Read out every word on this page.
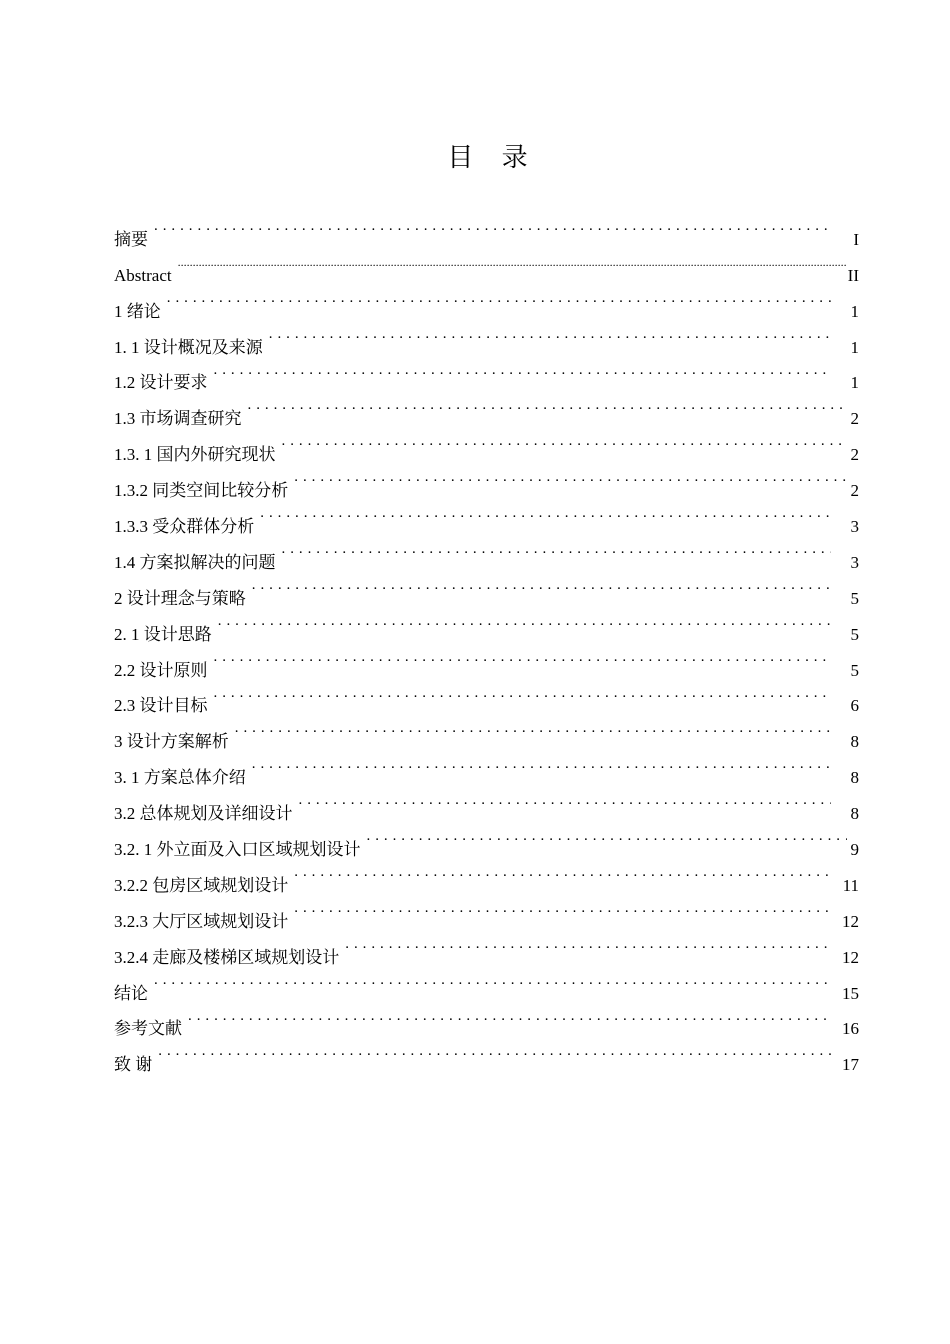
目 录
摘要 . . .	I
Abstract .....	II
1 绪论 . . .	1
1. 1 设计概况及来源 . . .	1
1.2 设计要求 . . .	1
1.3 市场调查研究 . . .	2
1.3. 1 国内外研究现状 . . .	2
1.3.2 同类空间比较分析 . . .	2
1.3.3 受众群体分析 . . .	3
1.4 方案拟解决的问题 . . .	3
2 设计理念与策略 . . .	5
2. 1 设计思路 . . .	5
2.2 设计原则 . . .	5
2.3 设计目标 . . .	6
3 设计方案解析 . . .	8
3. 1 方案总体介绍 . . .	8
3.2 总体规划及详细设计 . . .	8
3.2. 1 外立面及入口区域规划设计 . . .	9
3.2.2 包房区域规划设计 . . .	11
3.2.3 大厅区域规划设计 . . .	12
3.2.4 走廊及楼梯区域规划设计 . . .	12
结论 . . .	15
参考文献 . . .	16
致 谢 . . .	17
